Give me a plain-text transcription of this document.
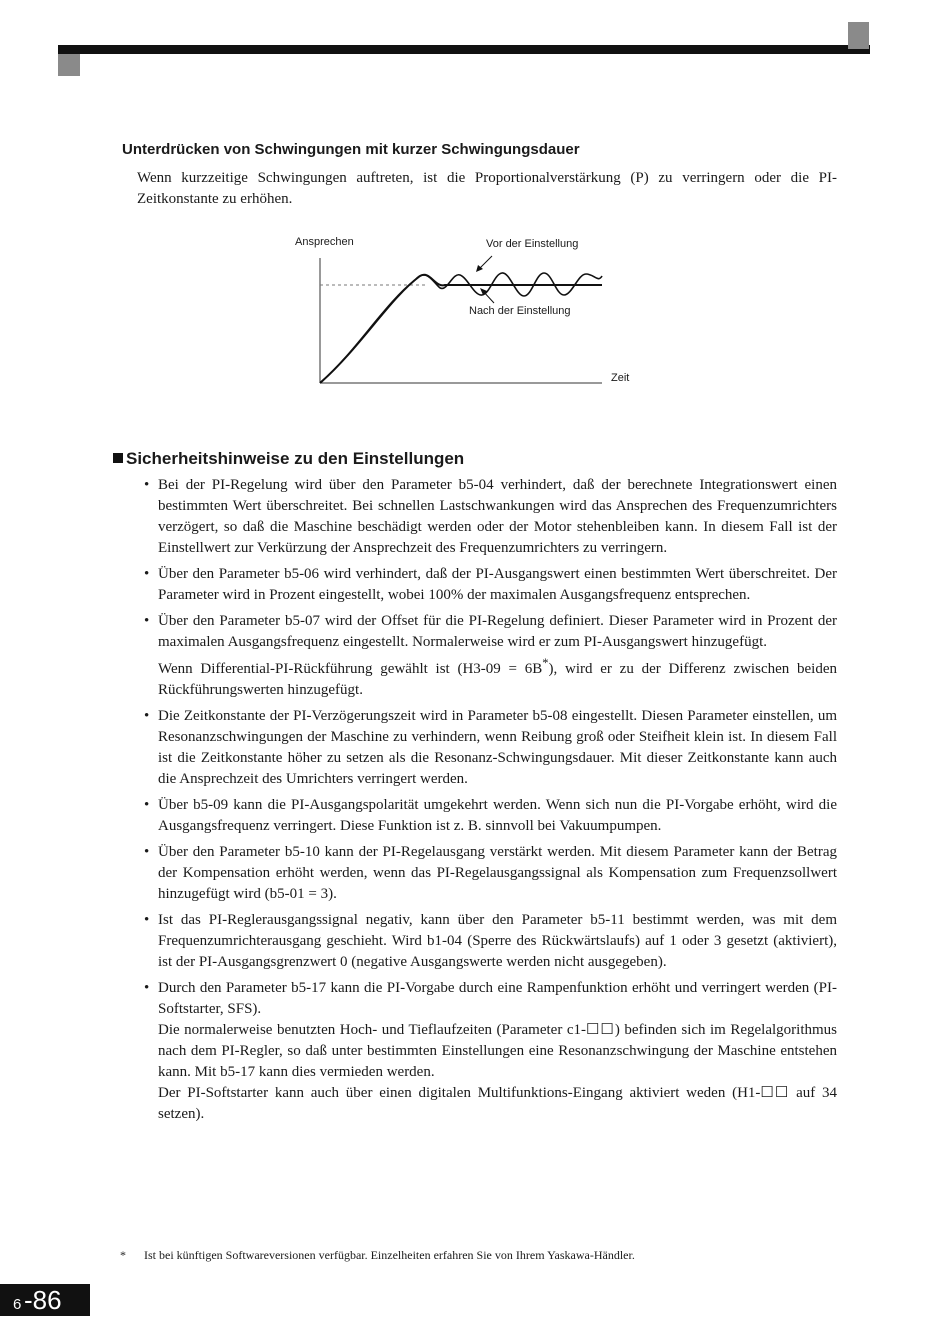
Unterdrücken von Schwingungen mit kurzer Schwingungsdauer

Wenn kurzzeitige Schwingungen auftreten, ist die Proportionalverstärkung (P) zu verringern oder die PI-Zeitkonstante zu erhöhen.

Ansprechen	Vor der Einstellung
Nach der Einstellung
Zeit
Sicherheitshinweise zu den Einstellungen
• Bei der PI-Regelung wird über den Parameter b5-04 verhindert, daß der berechnete Integrationswert einen bestimmten Wert überschreitet. Bei schnellen Lastschwankungen wird das Ansprechen des Frequenzumrichters verzögert, so daß die Maschine beschädigt werden oder der Motor stehenbleiben kann. In diesem Fall ist der Einstellwert zur Verkürzung der Ansprechzeit des Frequenzumrichters zu verringern.

• Über den Parameter b5-06 wird verhindert, daß der PI-Ausgangswert einen bestimmten Wert überschreitet. Der Parameter wird in Prozent eingestellt, wobei 100% der maximalen Ausgangsfrequenz entsprechen.

• Über den Parameter b5-07 wird der Offset für die PI-Regelung definiert. Dieser Parameter wird in Prozent der maximalen Ausgangsfrequenz eingestellt. Normalerweise wird er zum PI-Ausgangswert hinzugefügt.

Wenn Differential-PI-Rückführung gewählt ist (H3-09 = 6B*), wird er zu der Differenz zwischen beiden Rückführungswerten hinzugefügt.

• Die Zeitkonstante der PI-Verzögerungszeit wird in Parameter b5-08 eingestellt. Diesen Parameter einstellen, um Resonanzschwingungen der Maschine zu verhindern, wenn Reibung groß oder Steifheit klein ist. In diesem Fall ist die Zeitkonstante höher zu setzen als die Resonanz-Schwingungsdauer. Mit dieser Zeitkonstante kann auch die Ansprechzeit des Umrichters verringert werden.

• Über b5-09 kann die PI-Ausgangspolarität umgekehrt werden. Wenn sich nun die PI-Vorgabe erhöht, wird die Ausgangsfrequenz verringert. Diese Funktion ist z. B. sinnvoll bei Vakuumpumpen.

• Über den Parameter b5-10 kann der PI-Regelausgang verstärkt werden. Mit diesem Parameter kann der Betrag der Kompensation erhöht werden, wenn das PI-Regelausgangssignal als Kompensation zum Frequenzsollwert hinzugefügt wird (b5-01 = 3).

• Ist das PI-Reglerausgangssignal negativ, kann über den Parameter b5-11 bestimmt werden, was mit dem Frequenzumrichterausgang geschieht. Wird b1-04 (Sperre des Rückwärtslaufs) auf 1 oder 3 gesetzt (aktiviert), ist der PI-Ausgangsgrenzwert 0 (negative Ausgangswerte werden nicht ausgegeben).

• Durch den Parameter b5-17 kann die PI-Vorgabe durch eine Rampenfunktion erhöht und verringert werden (PI-Softstarter, SFS).

Die normalerweise benutzten Hoch- und Tieflaufzeiten (Parameter c1-☐☐) befinden sich im Regelalgorithmus nach dem PI-Regler, so daß unter bestimmten Einstellungen eine Resonanzschwingung der Maschine entstehen kann. Mit b5-17 kann dies vermieden werden.

Der PI-Softstarter kann auch über einen digitalen Multifunktions-Eingang aktiviert weden (H1-☐☐ auf 34 setzen).

* Ist bei künftigen Softwareversionen verfügbar. Einzelheiten erfahren Sie von Ihrem Yaskawa-Händler.
6 -86
